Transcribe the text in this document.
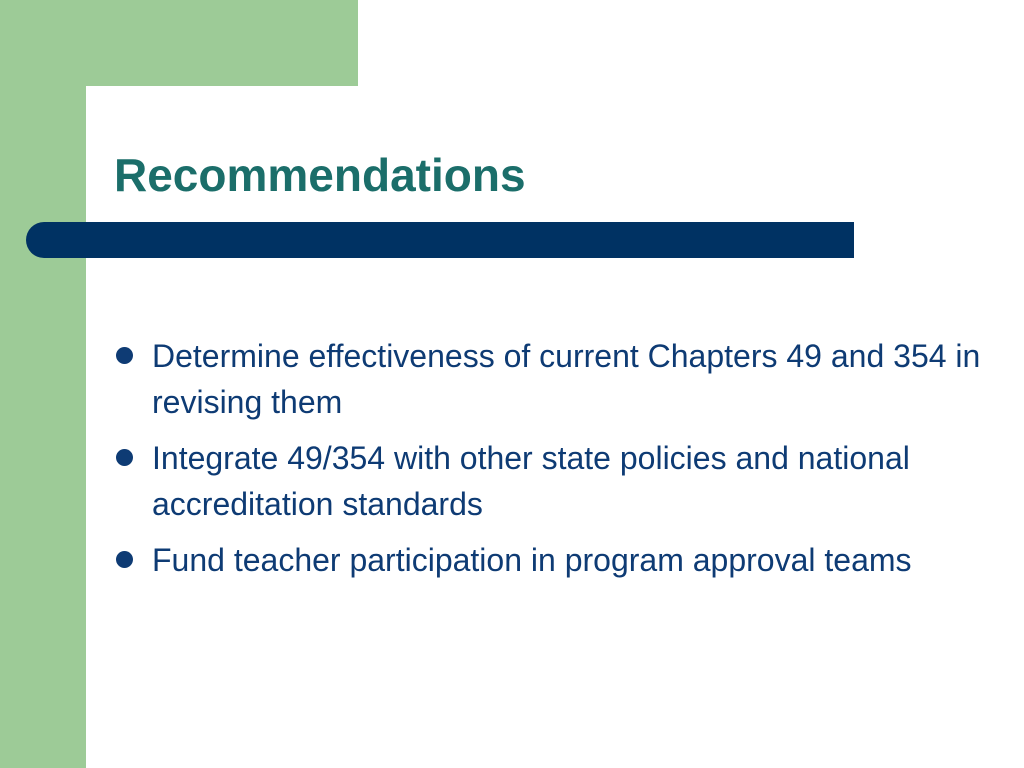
Recommendations
Determine effectiveness of current Chapters 49 and 354 in revising them
Integrate 49/354 with other state policies and national accreditation standards
Fund teacher participation in program approval teams
